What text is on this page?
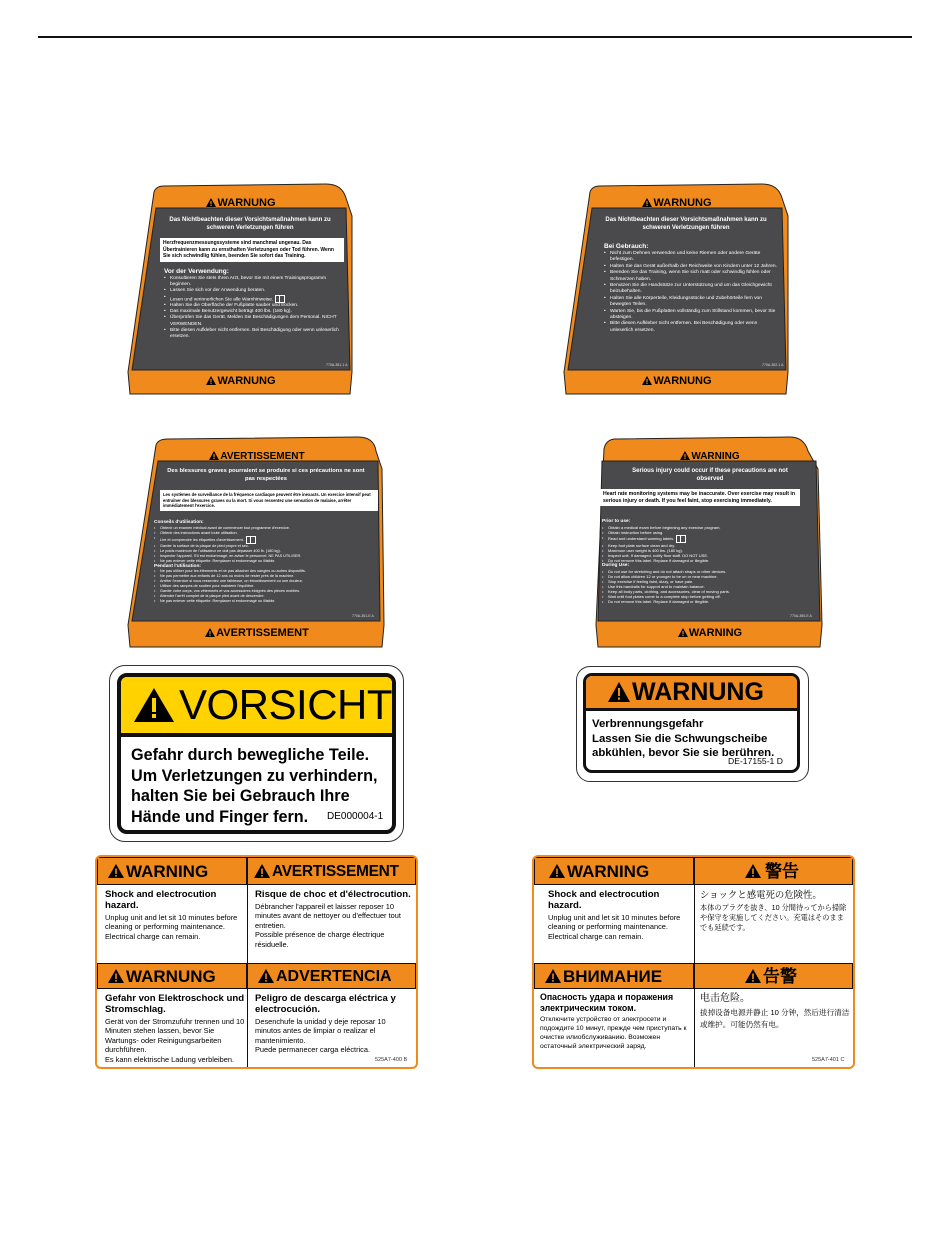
WARNUNG
Das Nichtbeachten dieser Vorsichtsmaßnahmen kann zu schweren Verletzungen führen
Herzfrequenzmessungssysteme sind manchmal ungenau. Das Übertrainieren kann zu ernsthaften Verletzungen oder Tod führen. Wenn Sie sich schwindlig fühlen, beenden Sie sofort das Training.
Vor der Verwendung:
• Konsultieren Sie stets Ihren Arzt, bevor Sie mit einem Trainingsprogramm beginnen.
• Lassen Sie sich vor der Anwendung beraten.
• Lesen und verinnerlichen Sie alle Warnhinweise.
• Halten Sie die Oberfläche der Fußplatte sauber und trocken.
• Das maximale Benutzergewicht beträgt 400 lbs. (180 kg).
• Überprüfen Sie das Gerät. Melden Sie Beschädigungen dem Personal. NICHT VERWENDEN.
• Bitte diesen Aufkleber nicht entfernen. Bei Beschädigung oder wenn unleserlich ersetzen.
770A-351-1 A
WARNUNG
WARNUNG
Das Nichtbeachten dieser Vorsichtsmaßnahmen kann zu schweren Verletzungen führen
Bei Gebrauch:
• Nicht zum Dehnen verwenden und keine Riemen oder andere Geräte befestigen.
• Halten Sie das Gerät außerhalb der Reichweite von Kindern unter 12 Jahren.
• Beenden Sie das Training, wenn Sie sich matt oder schwindlig fühlen oder Schmerzen haben.
• Benutzen Sie die Handstütze zur Unterstützung und um das Gleichgewicht beizubehalten.
• Halten Sie alle Körperteile, Kleidungsstücke und Zubehörteile fern von bewegten Teilen.
• Warten Sie, bis die Fußplatten vollständig zum Stillstand kommen, bevor Sie absteigen.
• Bitte diesen Aufkleber nicht entfernen. Bei Beschädigung oder wenn unleserlich ersetzen.
770A-352-1 A
WARNUNG
AVERTISSEMENT
Des blessures graves pourraient se produire si ces précautions ne sont pas respectées
Les systèmes de surveillance de la fréquence cardiaque peuvent être inexacts. Un exercice intensif peut entraîner des blessures graves ou la mort. Si vous ressentez une sensation de malaise, arrêter immédiatement l'exercice.
Conseils d'utilisation:
• Obtenir un examen médical avant de commencer tout programme d'exercice.
• Obtenir des instructions avant toute utilisation.
• Lire et comprendre les étiquettes d'avertissement.
• Garder la surface de la plaque de pied propre et sec.
• Le poids maximum de l'utilisateur ne doit pas dépasser 400 lb. (180 kg).
• Inspecter l'appareil. S'il est endommagé, en aviser le personnel. NE PAS UTILISER.
• Ne pas enlever cette étiquette. Remplacer si endommagé ou illisible.
Pendant l'utilisation:
• Ne pas utiliser pour les étirements et ne pas attacher des sangles ou autres dispositifs.
• Ne pas permettre aux enfants de 12 ans ou moins de rester près de la machine.
• Arrêter l'exercice si vous ressentez une faiblesse, un étourdissement ou une douleur.
• Utiliser des rampes de soutien pour maintenir l'équilibre.
• Garder votre corps, vos vêtements et vos accessoires éloignés des pièces mobiles.
• Attendre l'arrêt complet de la plaque pied avant de descendre.
• Ne pas enlever cette étiquette. Remplacer si endommagé ou illisible.
770A-351-E A
AVERTISSEMENT
WARNING
Serious injury could occur if these precautions are not observed
Heart rate monitoring systems may be inaccurate. Over exercise may result in serious injury or death. If you feel faint, stop exercising immediately.
Prior to use:
• Obtain a medical exam before beginning any exercise program.
• Obtain instruction before using.
• Read and understand warning labels.
• Keep foot plate surface clean and dry.
• Maximum user weight is 400 lbs. (180 kg).
• Inspect unit. If damaged, notify floor staff. DO NOT USE.
• Do not remove this label. Replace if damaged or illegible.
During Use:
• Do not use for stretching and do not attach straps or other devices.
• Do not allow children 12 or younger to be on or near machine.
• Stop exercise if feeling faint, dizzy, or have pain.
• Use this handrails for support and to maintain balance.
• Keep all body parts, clothing, and accessories, clear of moving parts.
• Wait until foot plates come to a complete stop before getting off.
• Do not remove this label. Replace if damaged or illegible.
770A-350-E A
WARNING
VORSICHT
Gefahr durch bewegliche Teile.
Um Verletzungen zu verhindern,
halten Sie bei Gebrauch Ihre
Hände und Finger fern.	DE000004-1
WARNUNG
Verbrennungsgefahr
Lassen Sie die Schwungscheibe
abkühlen, bevor Sie sie berühren.
DE-17155-1 D
WARNING	AVERTISSEMENT
Shock and electrocution hazard.
Unplug unit and let sit 10 minutes before cleaning or performing maintenance.
Electrical charge can remain.
Risque de choc et d'électrocution.
Débrancher l'appareil et laisser reposer 10 minutes avant de nettoyer ou d'effectuer tout entretien.
Possible présence de charge électrique résiduelle.
WARNUNG	ADVERTENCIA
Gefahr von Elektroschock und Stromschlag.
Gerät von der Stromzufuhr trennen und 10 Minuten stehen lassen, bevor Sie Wartungs- oder Reinigungsarbeiten durchführen.
Es kann elektrische Ladung verbleiben.
Peligro de descarga eléctrica y electrocución.
Desenchufe la unidad y deje reposar 10 minutos antes de limpiar o realizar el mantenimiento.
Puede permanecer carga eléctrica.
525A7-400 B
WARNING	警告
Shock and electrocution hazard.
Unplug unit and let sit 10 minutes before cleaning or performing maintenance.
Electrical charge can remain.
ショックと感電死の危険性。
本体のプラグを抜き、10 分間待ってから掃除や保守を実施してください。充電はそのままでも延続です。
ВНИМАНИЕ	告警
Опасность удара и поражения электрическим током.
Отключите устройство от электросети и подождите 10 минут, прежде чем приступать к очистке илиобслуживанию. Возможен остаточный электрический заряд.
电击危险。
拔掉设备电源并静止 10 分钟，然后进行清洁或维护。可能仍然有电。
525A7-401 C
